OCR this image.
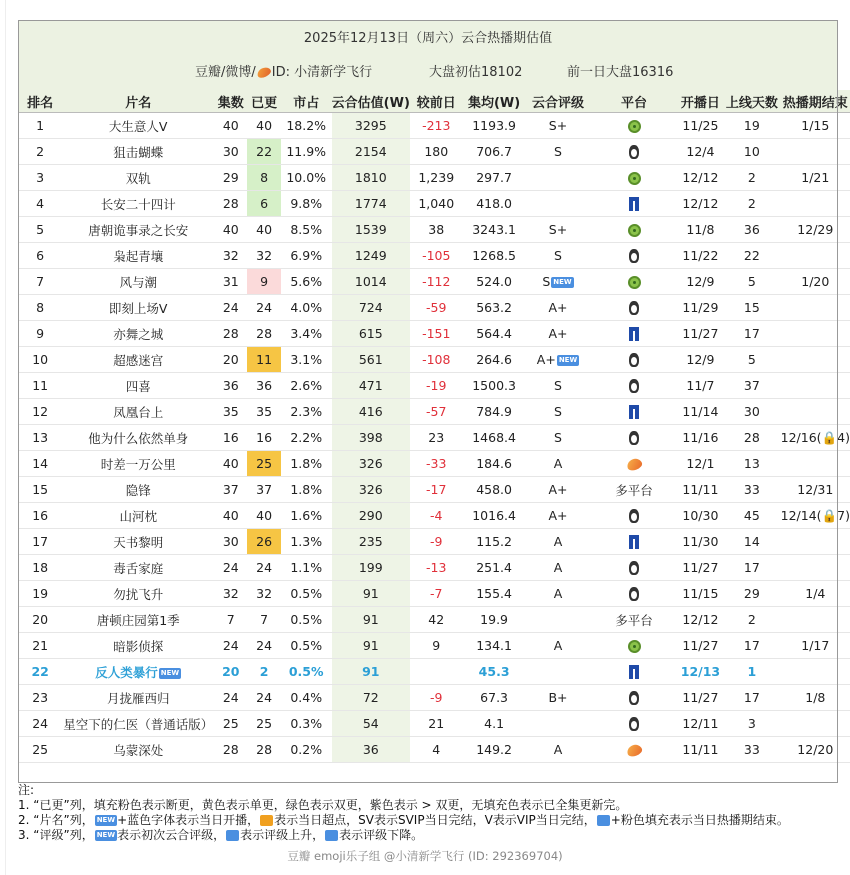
2025年12月13日（周六）云合热播期估值
豆瓣/微博/ ID: 小清新学飞行	大盘初估18102	前一日大盘16316
排名	片名	集数	已更	市占	云合估值(W)	较前日	集均(W)	云合评级	平台	开播日	上线天数	热播期结束
1	大生意人V	40	40	18.2%	3295	-213	1193.9	S+		11/25	19	1/15
2	狙击蝴蝶	30	22	11.9%	2154	180	706.7	S		12/4	10	
3	双轨	29	8	10.0%	1810	1,239	297.7			12/12	2	1/21
4	长安二十四计	28	6	9.8%	1774	1,040	418.0			12/12	2	
5	唐朝诡事录之长安	40	40	8.5%	1539	38	3243.1	S+		11/8	36	12/29
6	枭起青壤	32	32	6.9%	1249	-105	1268.5	S		11/22	22	
7	风与潮	31	9	5.6%	1014	-112	524.0	S NEW		12/9	5	1/20
8	即刻上场V	24	24	4.0%	724	-59	563.2	A+		11/29	15	
9	亦舞之城	28	28	3.4%	615	-151	564.4	A+		11/27	17	
10	超感迷宫	20	11	3.1%	561	-108	264.6	A+ NEW		12/9	5	
11	四喜	36	36	2.6%	471	-19	1500.3	S		11/7	37	
12	凤凰台上	35	35	2.3%	416	-57	784.9	S		11/14	30	
13	他为什么依然单身	16	16	2.2%	398	23	1468.4	S		11/16	28	12/16(🔒4)
14	时差一万公里	40	25	1.8%	326	-33	184.6	A		12/1	13	
15	隐锋	37	37	1.8%	326	-17	458.0	A+	多平台	11/11	33	12/31
16	山河枕	40	40	1.6%	290	-4	1016.4	A+		10/30	45	12/14(🔒7)
17	天书黎明	30	26	1.3%	235	-9	115.2	A		11/30	14	
18	毒舌家庭	24	24	1.1%	199	-13	251.4	A		11/27	17	
19	勿扰飞升	32	32	0.5%	91	-7	155.4	A		11/15	29	1/4
20	唐顿庄园第1季	7	7	0.5%	91	42	19.9		多平台	12/12	2	
21	暗影侦探	24	24	0.5%	91	9	134.1	A		11/27	17	1/17
22	反人类暴行 NEW	20	2	0.5%	91		45.3			12/13	1	
23	月拢雁西归	24	24	0.4%	72	-9	67.3	B+		11/27	17	1/8
24	星空下的仁医（普通话版）	25	25	0.3%	54	21	4.1			12/11	3	
25	乌蒙深处	28	28	0.2%	36	4	149.2	A		11/11	33	12/20
注:
1. “已更”列，填充粉色表示断更，黄色表示单更，绿色表示双更，紫色表示 > 双更，无填充色表示已全集更新完。
2. “片名”列， NEW +蓝色字体表示当日开播， 表示当日超点，SV表示SVIP当日完结，V表示VIP当日完结， +粉色填充表示当日热播期结束。
3. “评级”列， NEW 表示初次云合评级， 表示评级上升， 表示评级下降。
豆瓣 emoji乐子组 @小清新学飞行 (ID: 292369704)
